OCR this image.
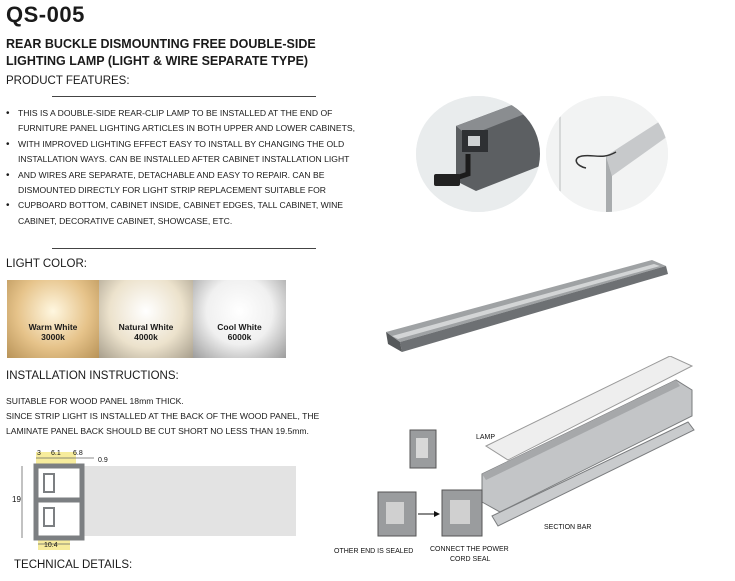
QS-005
REAR BUCKLE DISMOUNTING FREE DOUBLE-SIDE
LIGHTING LAMP (LIGHT & WIRE SEPARATE TYPE)
PRODUCT FEATURES:
• THIS IS A DOUBLE-SIDE REAR-CLIP LAMP TO BE INSTALLED AT THE END OF
FURNITURE PANEL LIGHTING ARTICLES IN BOTH UPPER AND LOWER CABINETS,
• WITH IMPROVED LIGHTING EFFECT EASY TO INSTALL BY CHANGING THE OLD
INSTALLATION WAYS. CAN BE INSTALLED AFTER CABINET INSTALLATION LIGHT
• AND WIRES ARE SEPARATE, DETACHABLE AND EASY TO REPAIR. CAN BE
DISMOUNTED DIRECTLY FOR LIGHT STRIP REPLACEMENT SUITABLE FOR
• CUPBOARD BOTTOM, CABINET INSIDE, CABINET EDGES, TALL CABINET, WINE
CABINET, DECORATIVE CABINET, SHOWCASE, ETC.
LIGHT COLOR:
Warm White
3000k
Natural White
4000k
Cool White
6000k
INSTALLATION INSTRUCTIONS:
SUITABLE FOR WOOD PANEL 18mm THICK.
SINCE STRIP LIGHT IS INSTALLED AT THE BACK OF THE WOOD PANEL, THE
LAMINATE PANEL BACK SHOULD BE CUT SHORT NO LESS THAN 19.5mm.
3 6.1 6.8
0.9
19
10.4
LAMP
SECTION BAR
OTHER END IS SEALED CONNECT THE POWER
CORD SEAL
TECHNICAL DETAILS:
